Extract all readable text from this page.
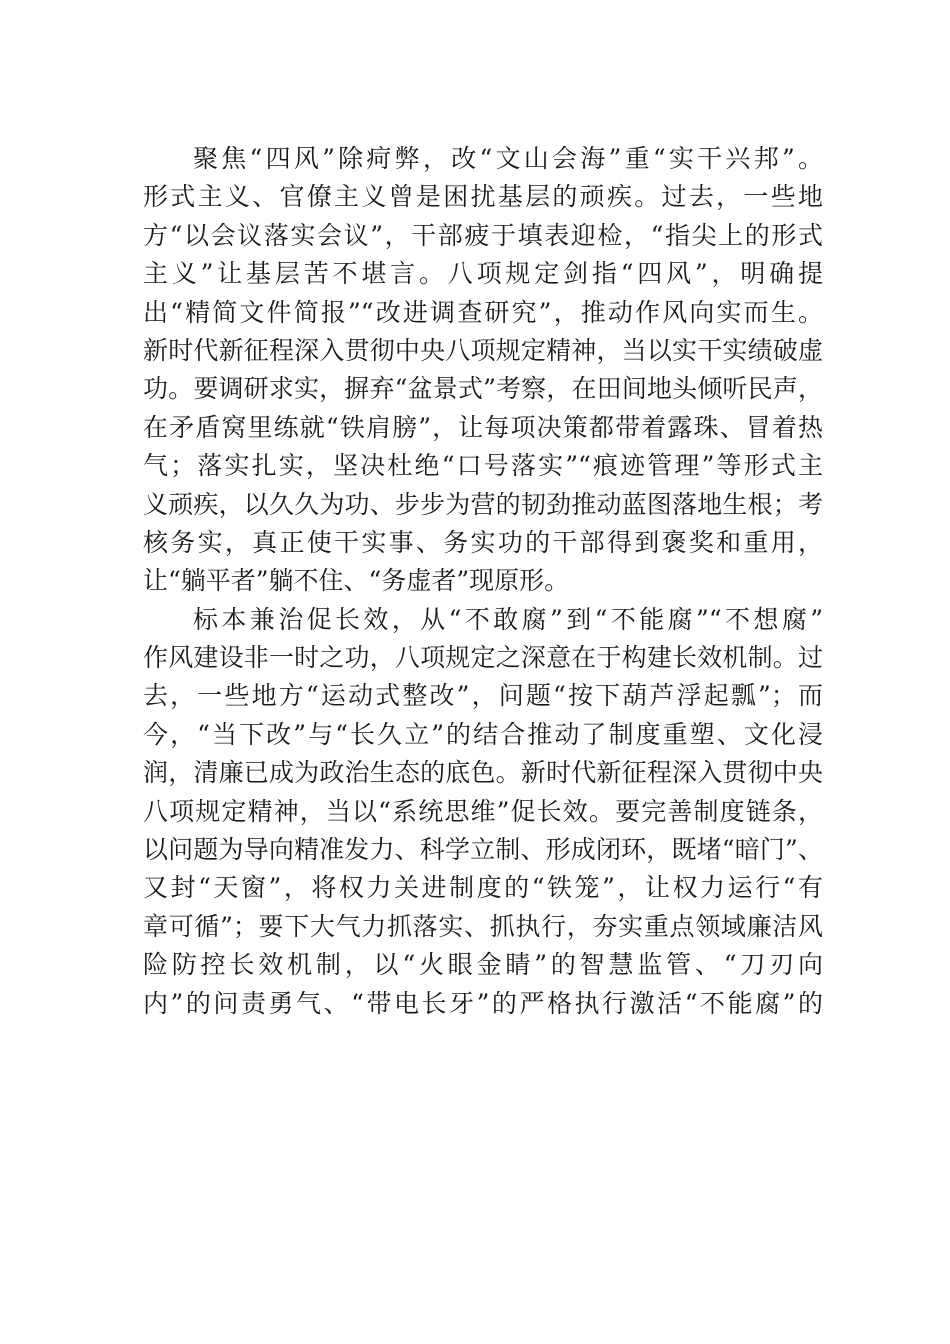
聚焦“四风”除疴弊，改“文山会海”重“实干兴邦”。
形式主义、官僚主义曾是困扰基层的顽疾。过去，一些地
方“以会议落实会议”，干部疲于填表迎检，“指尖上的形式
主义”让基层苦不堪言。八项规定剑指“四风”，明确提
出“精简文件简报”“改进调查研究”，推动作风向实而生。
新时代新征程深入贯彻中央八项规定精神，当以实干实绩破虚
功。要调研求实，摒弃“盆景式”考察，在田间地头倾听民声，
在矛盾窝里练就“铁肩膀”，让每项决策都带着露珠、冒着热
气；落实扎实，坚决杜绝“口号落实”“痕迹管理”等形式主
义顽疾，以久久为功、步步为营的韧劲推动蓝图落地生根；考
核务实，真正使干实事、务实功的干部得到褒奖和重用，
让“躺平者”躺不住、“务虚者”现原形。
标本兼治促长效，从“不敢腐”到“不能腐”“不想腐”
作风建设非一时之功，八项规定之深意在于构建长效机制。过
去，一些地方“运动式整改”，问题“按下葫芦浮起瓢”；而
今，“当下改”与“长久立”的结合推动了制度重塑、文化浸
润，清廉已成为政治生态的底色。新时代新征程深入贯彻中央
八项规定精神，当以“系统思维”促长效。要完善制度链条，
以问题为导向精准发力、科学立制、形成闭环，既堵“暗门”、
又封“天窗”，将权力关进制度的“铁笼”，让权力运行“有
章可循”；要下大气力抓落实、抓执行，夯实重点领域廉洁风
险防控长效机制，以“火眼金睛”的智慧监管、“刀刃向
内”的问责勇气、“带电长牙”的严格执行激活“不能腐”的
